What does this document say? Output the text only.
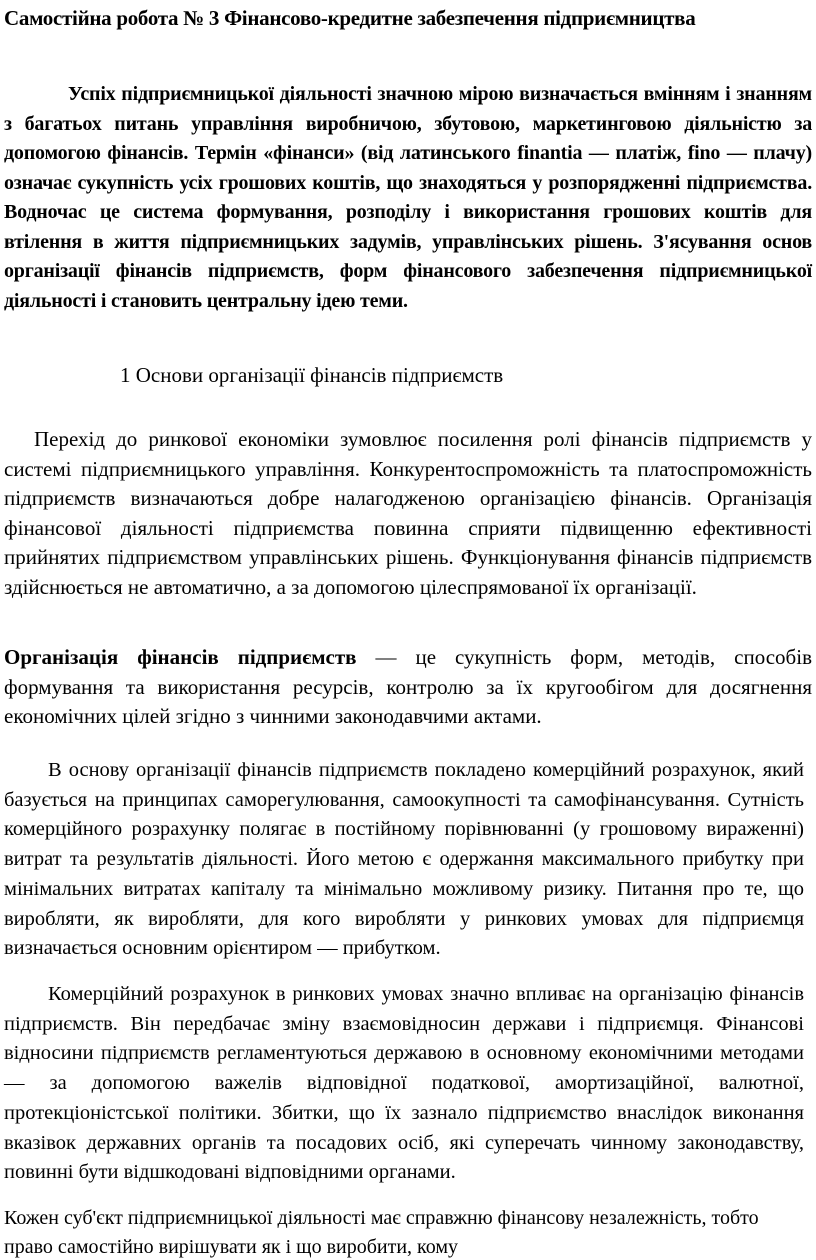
Самостійна робота № 3 Фінансово-кредитне забезпечення підприємництва

Успіх підприємницької діяльності значною мірою визначається вмінням і знанням з багатьох питань управління виробничою, збутовою, маркетинговою діяльністю за допомогою фінансів. Термін «фінанси» (від латинського finantia — платіж, fino — плачу) означає сукупність усіх грошових коштів, що знаходяться у розпорядженні підприємства. Водночас це система формування, розподілу і використання грошових коштів для втілення в життя підприємницьких задумів, управлінських рішень. З'ясування основ організації фінансів підприємств, форм фінансового забезпечення підприємницької діяльності і становить центральну ідею теми.

1 Основи організації фінансів підприємств

Перехід до ринкової економіки зумовлює посилення ролі фінансів підприємств у системі підприємницького управління. Конкурентоспроможність та платоспроможність підприємств визначаються добре налагодженою організацією фінансів. Організація фінансової діяльності підприємства повинна сприяти підвищенню ефективності прийнятих підприємством управлінських рішень. Функціонування фінансів підприємств здійснюється не автоматично, а за допомогою цілеспрямованої їх організації.

Організація фінансів підприємств — це сукупність форм, методів, способів формування та використання ресурсів, контролю за їх кругообігом для досягнення економічних цілей згідно з чинними законодавчими актами.

В основу організації фінансів підприємств покладено комерційний розрахунок, який базується на принципах саморегулювання, самоокупності та самофінансування. Сутність комерційного розрахунку полягає в постійному порівнюванні (у грошовому вираженні) витрат та результатів діяльності. Його метою є одержання максимального прибутку при мінімальних витратах капіталу та мінімально можливому ризику. Питання про те, що виробляти, як виробляти, для кого виробляти у ринкових умовах для підприємця визначається основним орієнтиром — прибутком.

Комерційний розрахунок в ринкових умовах значно впливає на організацію фінансів підприємств. Він передбачає зміну взаємовідносин держави і підприємця. Фінансові відносини підприємств регламентуються державою в основному економічними методами — за допомогою важелів відповідної податкової, амортизаційної, валютної, протекціоністської політики. Збитки, що їх зазнало підприємство внаслідок виконання вказівок державних органів та посадових осіб, які суперечать чинному законодавству, повинні бути відшкодовані відповідними органами.

Кожен суб'єкт підприємницької діяльності має справжню фінансову незалежність, тобто право самостійно вирішувати як і що виробити, кому
